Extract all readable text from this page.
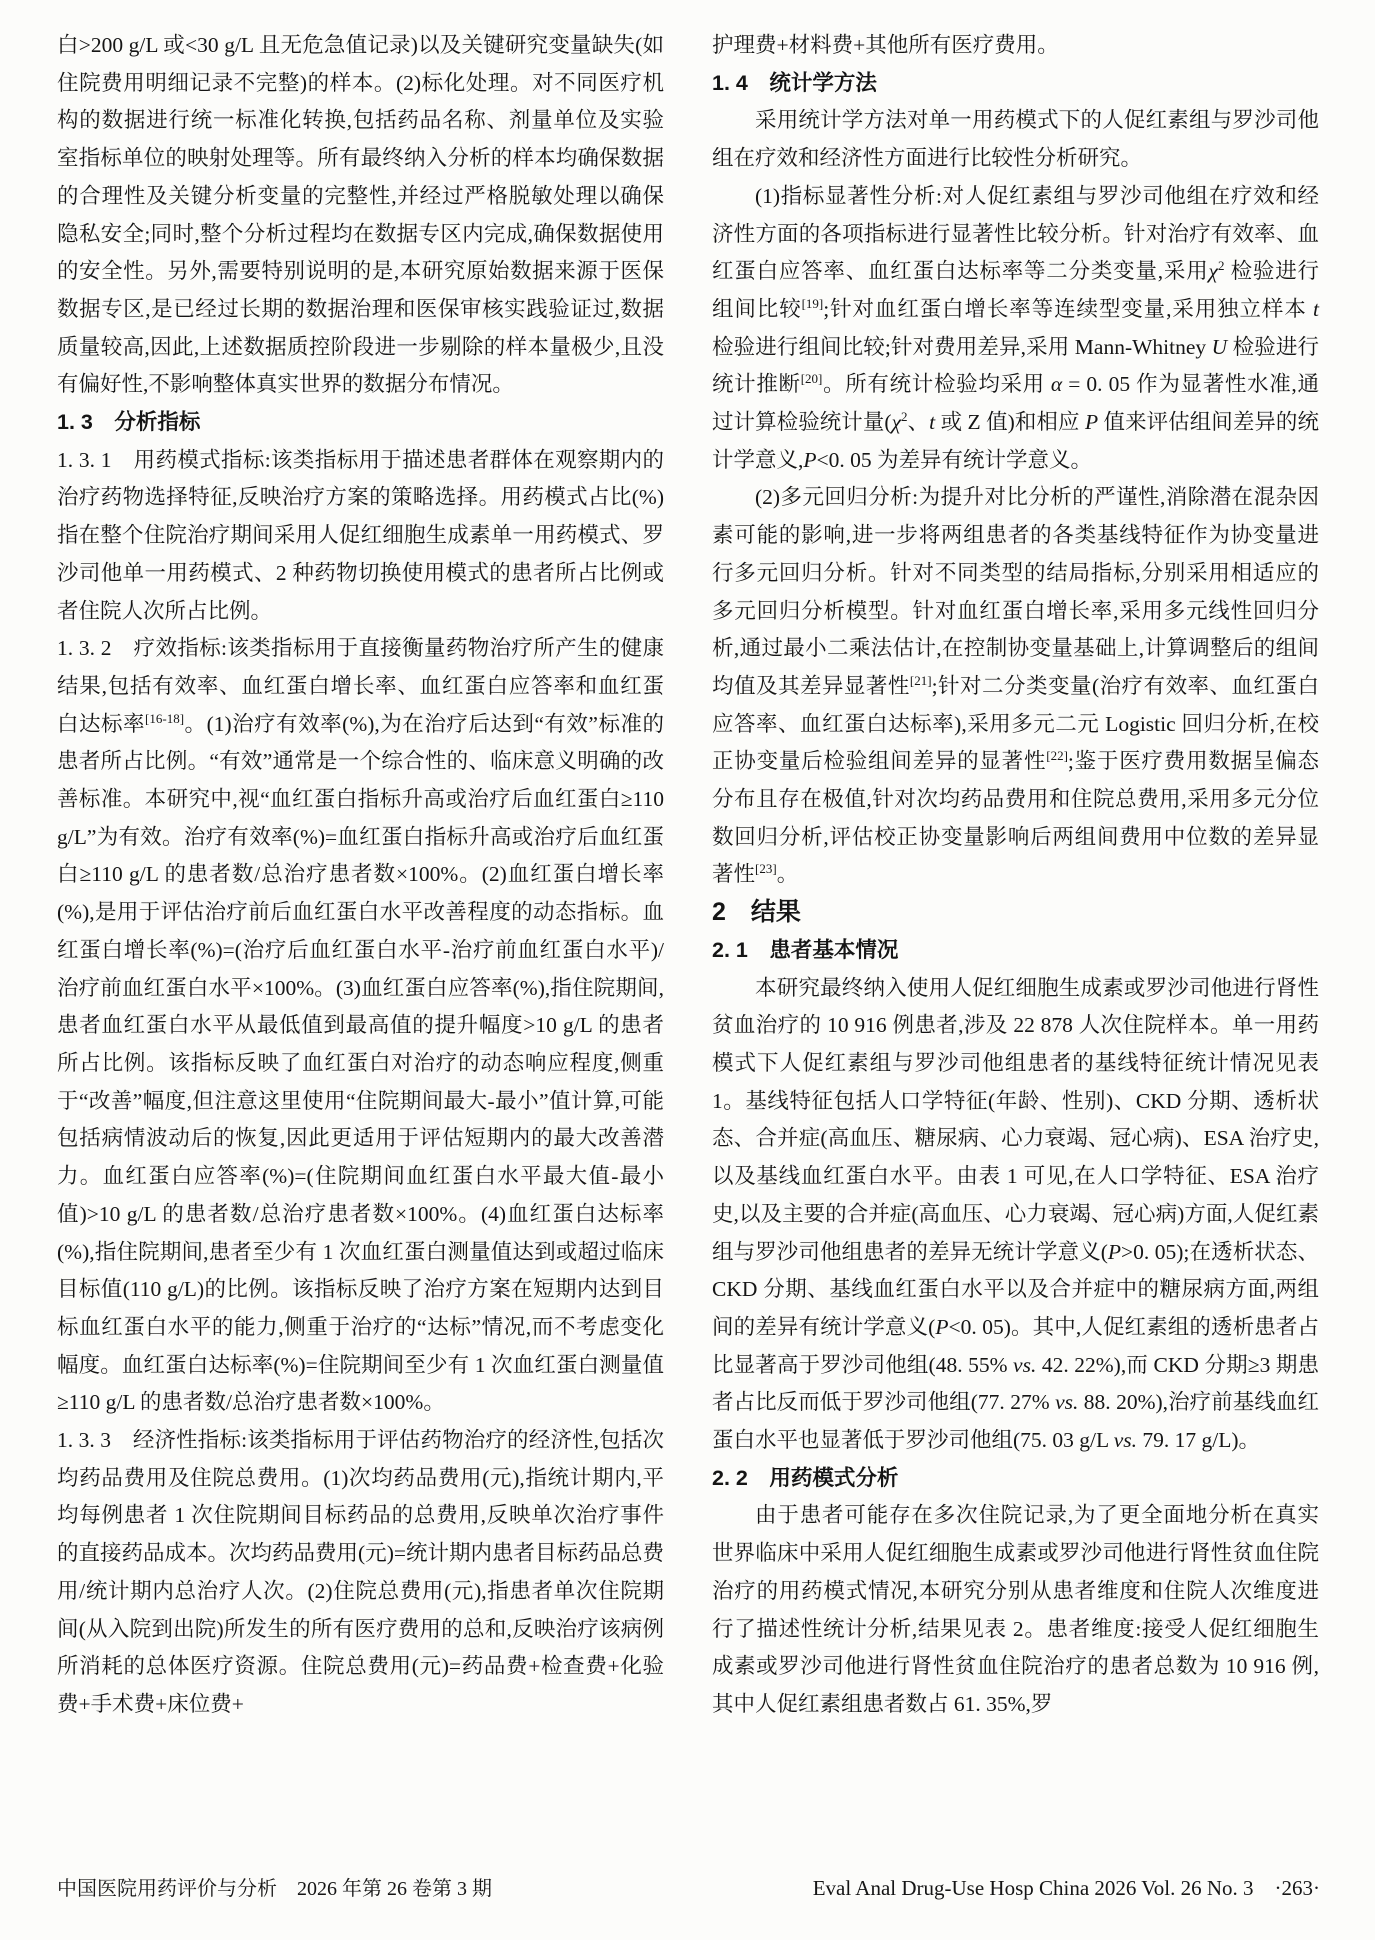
白>200 g/L 或<30 g/L 且无危急值记录)以及关键研究变量缺失(如住院费用明细记录不完整)的样本。(2)标化处理。对不同医疗机构的数据进行统一标准化转换,包括药品名称、剂量单位及实验室指标单位的映射处理等。所有最终纳入分析的样本均确保数据的合理性及关键分析变量的完整性,并经过严格脱敏处理以确保隐私安全;同时,整个分析过程均在数据专区内完成,确保数据使用的安全性。另外,需要特别说明的是,本研究原始数据来源于医保数据专区,是已经过长期的数据治理和医保审核实践验证过,数据质量较高,因此,上述数据质控阶段进一步剔除的样本量极少,且没有偏好性,不影响整体真实世界的数据分布情况。
1. 3　分析指标
1. 3. 1　用药模式指标:该类指标用于描述患者群体在观察期内的治疗药物选择特征,反映治疗方案的策略选择。用药模式占比(%)指在整个住院治疗期间采用人促红细胞生成素单一用药模式、罗沙司他单一用药模式、2 种药物切换使用模式的患者所占比例或者住院人次所占比例。
1. 3. 2　疗效指标:该类指标用于直接衡量药物治疗所产生的健康结果,包括有效率、血红蛋白增长率、血红蛋白应答率和血红蛋白达标率[16-18]。(1)治疗有效率(%),为在治疗后达到“有效”标准的患者所占比例。“有效”通常是一个综合性的、临床意义明确的改善标准。本研究中,视“血红蛋白指标升高或治疗后血红蛋白≥110 g/L”为有效。治疗有效率(%)=血红蛋白指标升高或治疗后血红蛋白≥110 g/L 的患者数/总治疗患者数×100%。(2)血红蛋白增长率(%),是用于评估治疗前后血红蛋白水平改善程度的动态指标。血红蛋白增长率(%)=(治疗后血红蛋白水平-治疗前血红蛋白水平)/治疗前血红蛋白水平×100%。(3)血红蛋白应答率(%),指住院期间,患者血红蛋白水平从最低值到最高值的提升幅度>10 g/L 的患者所占比例。该指标反映了血红蛋白对治疗的动态响应程度,侧重于“改善”幅度,但注意这里使用“住院期间最大-最小”值计算,可能包括病情波动后的恢复,因此更适用于评估短期内的最大改善潜力。血红蛋白应答率(%)=(住院期间血红蛋白水平最大值-最小值)>10 g/L 的患者数/总治疗患者数×100%。(4)血红蛋白达标率(%),指住院期间,患者至少有 1 次血红蛋白测量值达到或超过临床目标值(110 g/L)的比例。该指标反映了治疗方案在短期内达到目标血红蛋白水平的能力,侧重于治疗的“达标”情况,而不考虑变化幅度。血红蛋白达标率(%)=住院期间至少有 1 次血红蛋白测量值≥110 g/L 的患者数/总治疗患者数×100%。
1. 3. 3　经济性指标:该类指标用于评估药物治疗的经济性,包括次均药品费用及住院总费用。(1)次均药品费用(元),指统计期内,平均每例患者 1 次住院期间目标药品的总费用,反映单次治疗事件的直接药品成本。次均药品费用(元)=统计期内患者目标药品总费用/统计期内总治疗人次。(2)住院总费用(元),指患者单次住院期间(从入院到出院)所发生的所有医疗费用的总和,反映治疗该病例所消耗的总体医疗资源。住院总费用(元)=药品费+检查费+化验费+手术费+床位费+
护理费+材料费+其他所有医疗费用。
1. 4　统计学方法
采用统计学方法对单一用药模式下的人促红素组与罗沙司他组在疗效和经济性方面进行比较性分析研究。
(1)指标显著性分析:对人促红素组与罗沙司他组在疗效和经济性方面的各项指标进行显著性比较分析。针对治疗有效率、血红蛋白应答率、血红蛋白达标率等二分类变量,采用$\chi^2$ 检验进行组间比较[19];针对血红蛋白增长率等连续型变量,采用独立样本 t 检验进行组间比较;针对费用差异,采用 Mann-Whitney U 检验进行统计推断[20]。所有统计检验均采用 α = 0. 05 作为显著性水准,通过计算检验统计量($\chi^2$、t 或 Z 值)和相应 P 值来评估组间差异的统计学意义,P<0. 05 为差异有统计学意义。
(2)多元回归分析:为提升对比分析的严谨性,消除潜在混杂因素可能的影响,进一步将两组患者的各类基线特征作为协变量进行多元回归分析。针对不同类型的结局指标,分别采用相适应的多元回归分析模型。针对血红蛋白增长率,采用多元线性回归分析,通过最小二乘法估计,在控制协变量基础上,计算调整后的组间均值及其差异显著性[21];针对二分类变量(治疗有效率、血红蛋白应答率、血红蛋白达标率),采用多元二元 Logistic 回归分析,在校正协变量后检验组间差异的显著性[22];鉴于医疗费用数据呈偏态分布且存在极值,针对次均药品费用和住院总费用,采用多元分位数回归分析,评估校正协变量影响后两组间费用中位数的差异显著性[23]。
2　结果
2. 1　患者基本情况
本研究最终纳入使用人促红细胞生成素或罗沙司他进行肾性贫血治疗的 10 916 例患者,涉及 22 878 人次住院样本。单一用药模式下人促红素组与罗沙司他组患者的基线特征统计情况见表 1。基线特征包括人口学特征(年龄、性别)、CKD 分期、透析状态、合并症(高血压、糖尿病、心力衰竭、冠心病)、ESA 治疗史,以及基线血红蛋白水平。由表 1 可见,在人口学特征、ESA 治疗史,以及主要的合并症(高血压、心力衰竭、冠心病)方面,人促红素组与罗沙司他组患者的差异无统计学意义(P>0. 05);在透析状态、CKD 分期、基线血红蛋白水平以及合并症中的糖尿病方面,两组间的差异有统计学意义(P<0. 05)。其中,人促红素组的透析患者占比显著高于罗沙司他组(48. 55% vs. 42. 22%),而 CKD 分期≥3 期患者占比反而低于罗沙司他组(77. 27% vs. 88. 20%),治疗前基线血红蛋白水平也显著低于罗沙司他组(75. 03 g/L vs. 79. 17 g/L)。
2. 2　用药模式分析
由于患者可能存在多次住院记录,为了更全面地分析在真实世界临床中采用人促红细胞生成素或罗沙司他进行肾性贫血住院治疗的用药模式情况,本研究分别从患者维度和住院人次维度进行了描述性统计分析,结果见表 2。患者维度:接受人促红细胞生成素或罗沙司他进行肾性贫血住院治疗的患者总数为 10 916 例,其中人促红素组患者数占 61. 35%,罗
中国医院用药评价与分析　2026 年第 26 卷第 3 期	Eval Anal Drug-Use Hosp China 2026 Vol. 26 No. 3　·263·
